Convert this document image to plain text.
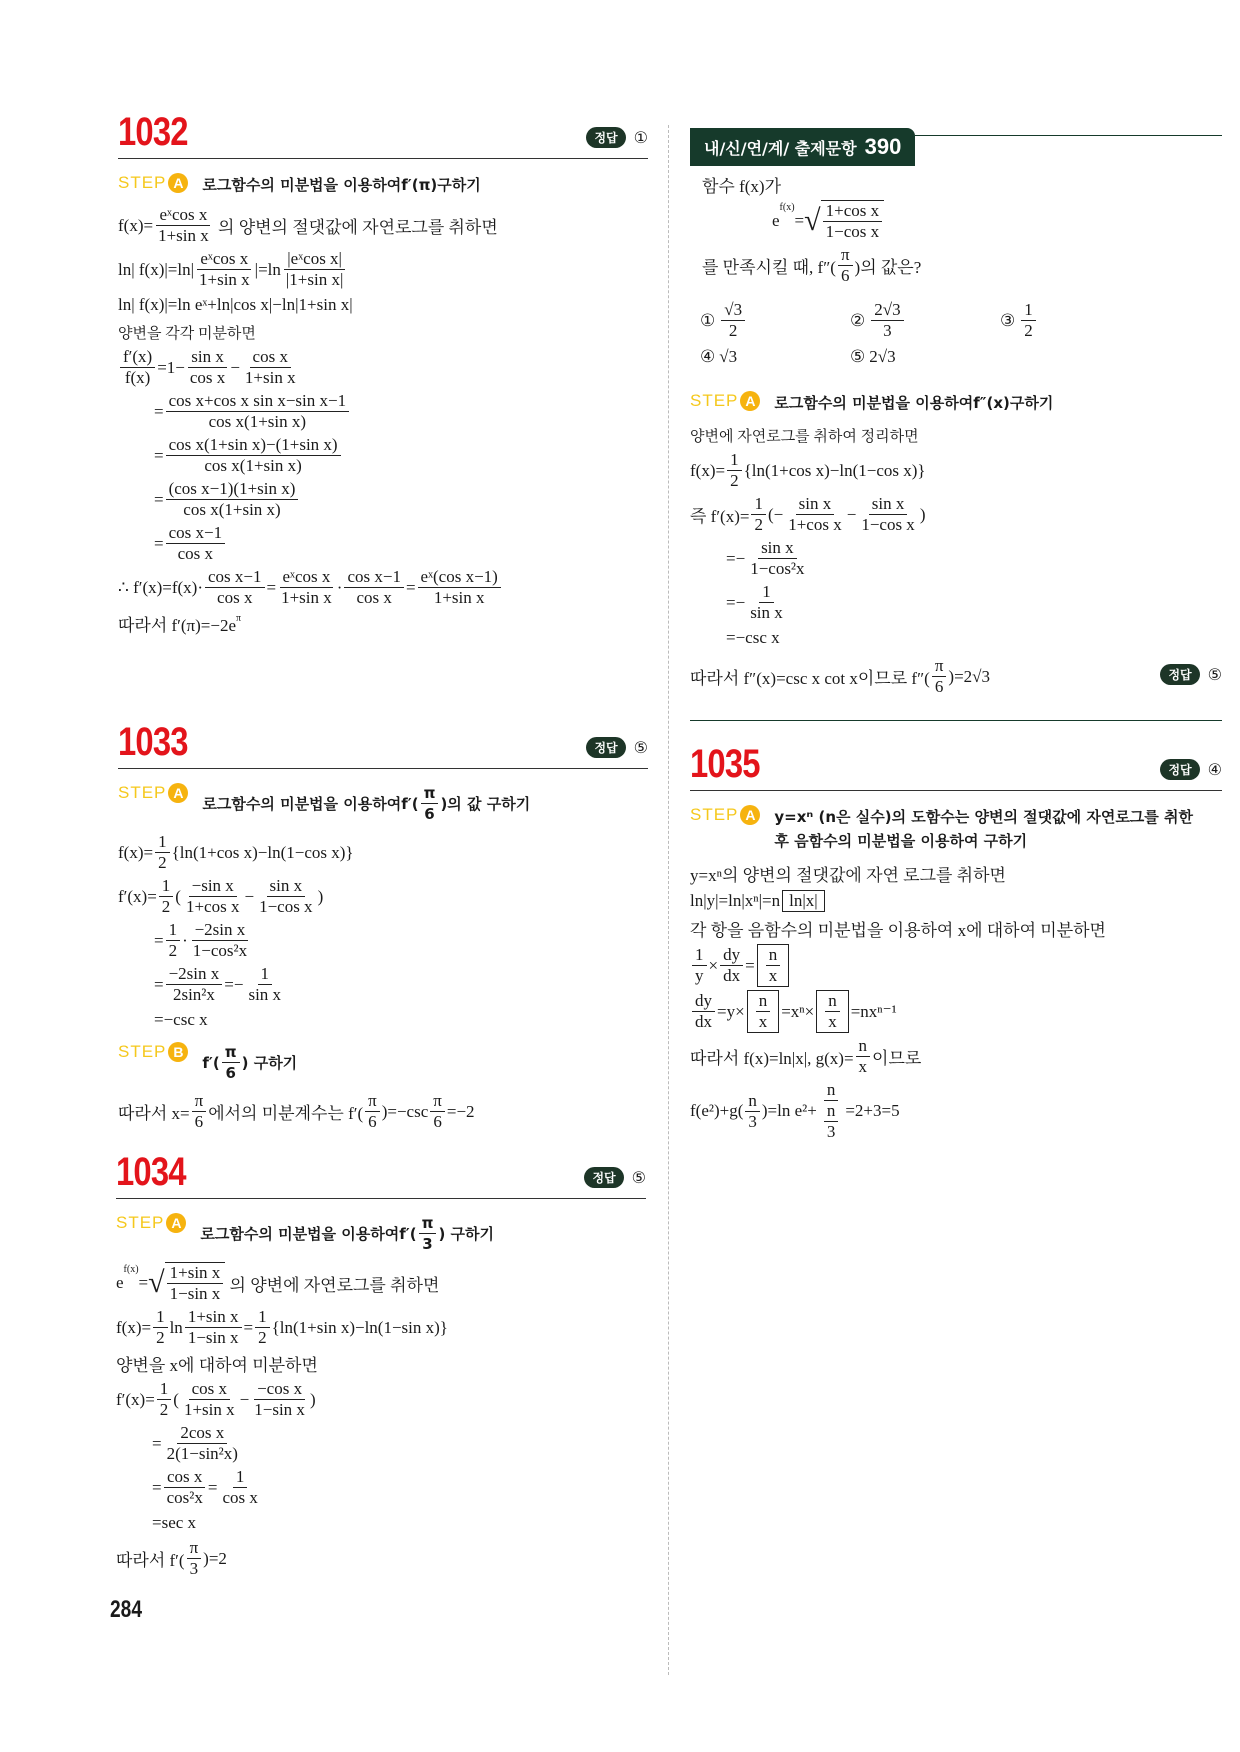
1032	정답	①
STEP A	로그함수의 미분법을 이용하여 f′(π) 구하기
$f(x)= \frac{\text{eˣcos x}}{\text{1+sin x}}$ 의 양변의 절댓값에 자연로그를 취하면
ln| $f(x)|=\ln| \frac{\text{eˣcos x}}{\text{1+sin x}} |=\ln \frac{\text{|eˣcos x|}}{\text{|1+sin x|}}$
ln| f(x)|=ln eˣ+ln|cos x|−ln|1+sin x|
양변을 각각 미분하면
$\frac{f'(x)}{f(x)} =1- \frac{\text{sin x}}{\text{cos x}} - \frac{\text{cos x}}{\text{1+sin x}}$
= $\frac{\text{cos x+cos x sin x−sin x−1}}{\text{cos x(1+sin x)}}$
= $\frac{\text{cos x(1+sin x)−(1+sin x)}}{\text{cos x(1+sin x)}}$
= $\frac{\text{(cos x−1)(1+sin x)}}{\text{cos x(1+sin x)}}$
= $\frac{\text{cos x−1}}{\text{cos x}}$
∴ $f'(x)=f(x)\cdot \frac{\text{cos x−1}}{\text{cos x}} = \frac{\text{eˣcos x}}{\text{1+sin x}} \cdot \frac{\text{cos x−1}}{\text{cos x}} = \frac{\text{eˣ(cos x−1)}}{\text{1+sin x}}$
따라서 f′(π)=−2e π
1033	정답	⑤
STEP A
로그함수의 미분법을 이용하여 $f'( \frac{\pi}{6}$ )의 값 구하기
$f(x)= \frac{1}{2} \{\ln(1+\cos$ x)−ln(1−cos x)}
$f'(x)= \frac{1}{2}$ ( $\frac{\text{−sin x}}{\text{1+cos x}} - \frac{\text{sin x}}{\text{1−cos x}}$ )
= $\frac{1}{2} \cdot \frac{\text{−2sin x}}{\text{1−cos²x}}$
= $\frac{\text{−2sin x}}{\text{2sin²x}} =- \frac{1}{\text{sin x}}$
=−csc x
STEP B
$f'( \frac{\pi}{6}$ ) 구하기
따라서 $x= \frac{\pi}{6}$ 에서의 미분계수는 $f'( \frac{\pi}{6} )=-\csc \frac{\pi}{6} =-2$
1034	정답	⑤
STEP A
로그함수의 미분법을 이용하여 $f'( \frac{\pi}{3}$ ) 구하기
e
f(x)
= √ $\frac{\text{1+sin x}}{\text{1−sin x}}$ 의 양변에 자연로그를 취하면
$f(x)= \frac{1}{2}$ $\ln \frac{\text{1+sin x}}{\text{1−sin x}} = \frac{1}{2} \{\ln(1+\sin$ x)−ln(1−sin x)}
양변을 x에 대하여 미분하면
$f'(x)= \frac{1}{2}$ ( $\frac{\text{cos x}}{\text{1+sin x}} - \frac{\text{−cos x}}{\text{1−sin x}}$ )
= $\frac{\text{2cos x}}{\text{2(1−sin²x)}}$
= $\frac{\text{cos x}}{\text{cos²x}} = \frac{1}{\text{cos x}}$
=sec x
따라서 $f'( \frac{\pi}{3} )=2$
내/신/연/계/ 출제문항 390
함수 f(x)가
e
f(x)
= √ $\frac{\text{1+cos x}}{\text{1−cos x}}$
를 만족시킬 때, $f''( \frac{\pi}{6}$ )의 값은?
① $\frac{√3}{2}$	② $\frac{2√3}{3}$	③ $\frac{1}{2}$
④ √3	⑤ 2√3
STEP A	로그함수의 미분법을 이용하여 f″(x) 구하기
양변에 자연로그를 취하여 정리하면
$f(x)= \frac{1}{2} \{\ln(1+\cos$ x)−ln(1−cos x)}
즉 $f'(x)= \frac{1}{2}$ (− $\frac{\text{sin x}}{\text{1+cos x}} - \frac{\text{sin x}}{\text{1−cos x}}$ )
=− $\frac{\text{sin x}}{\text{1−cos²x}}$
=− $\frac{1}{\text{sin x}}$
=−csc x
따라서 f″(x)=csc x cot x이므로 $f''( \frac{\pi}{6} )=2√3$	정답	⑤
1035	정답	④
STEP A	y=xⁿ (n은 실수)의 도함수는 양변의 절댓값에 자연로그를 취한 후 음함수의 미분법을 이용하여 구하기
y=xⁿ의 양변의 절댓값에 자연 로그를 취하면
ln|y|=ln|xⁿ|=n ln|x|
각 항을 음함수의 미분법을 이용하여 x에 대하여 미분하면
$\frac{1}{y} \times \frac{dy}{dx} = \frac{n}{x}$
$\frac{dy}{dx} =y\times \frac{n}{x} =x^n\times \frac{n}{x} =nx^{n-1}$
따라서 f(x)=ln|x|, $g(x)= \frac{n}{x}$ 이므로
$f(e^2)+g( \frac{n}{3} )=\ln$ $e^2+ \frac{n}{\frac{n}{3}} =2+3=5$
284
